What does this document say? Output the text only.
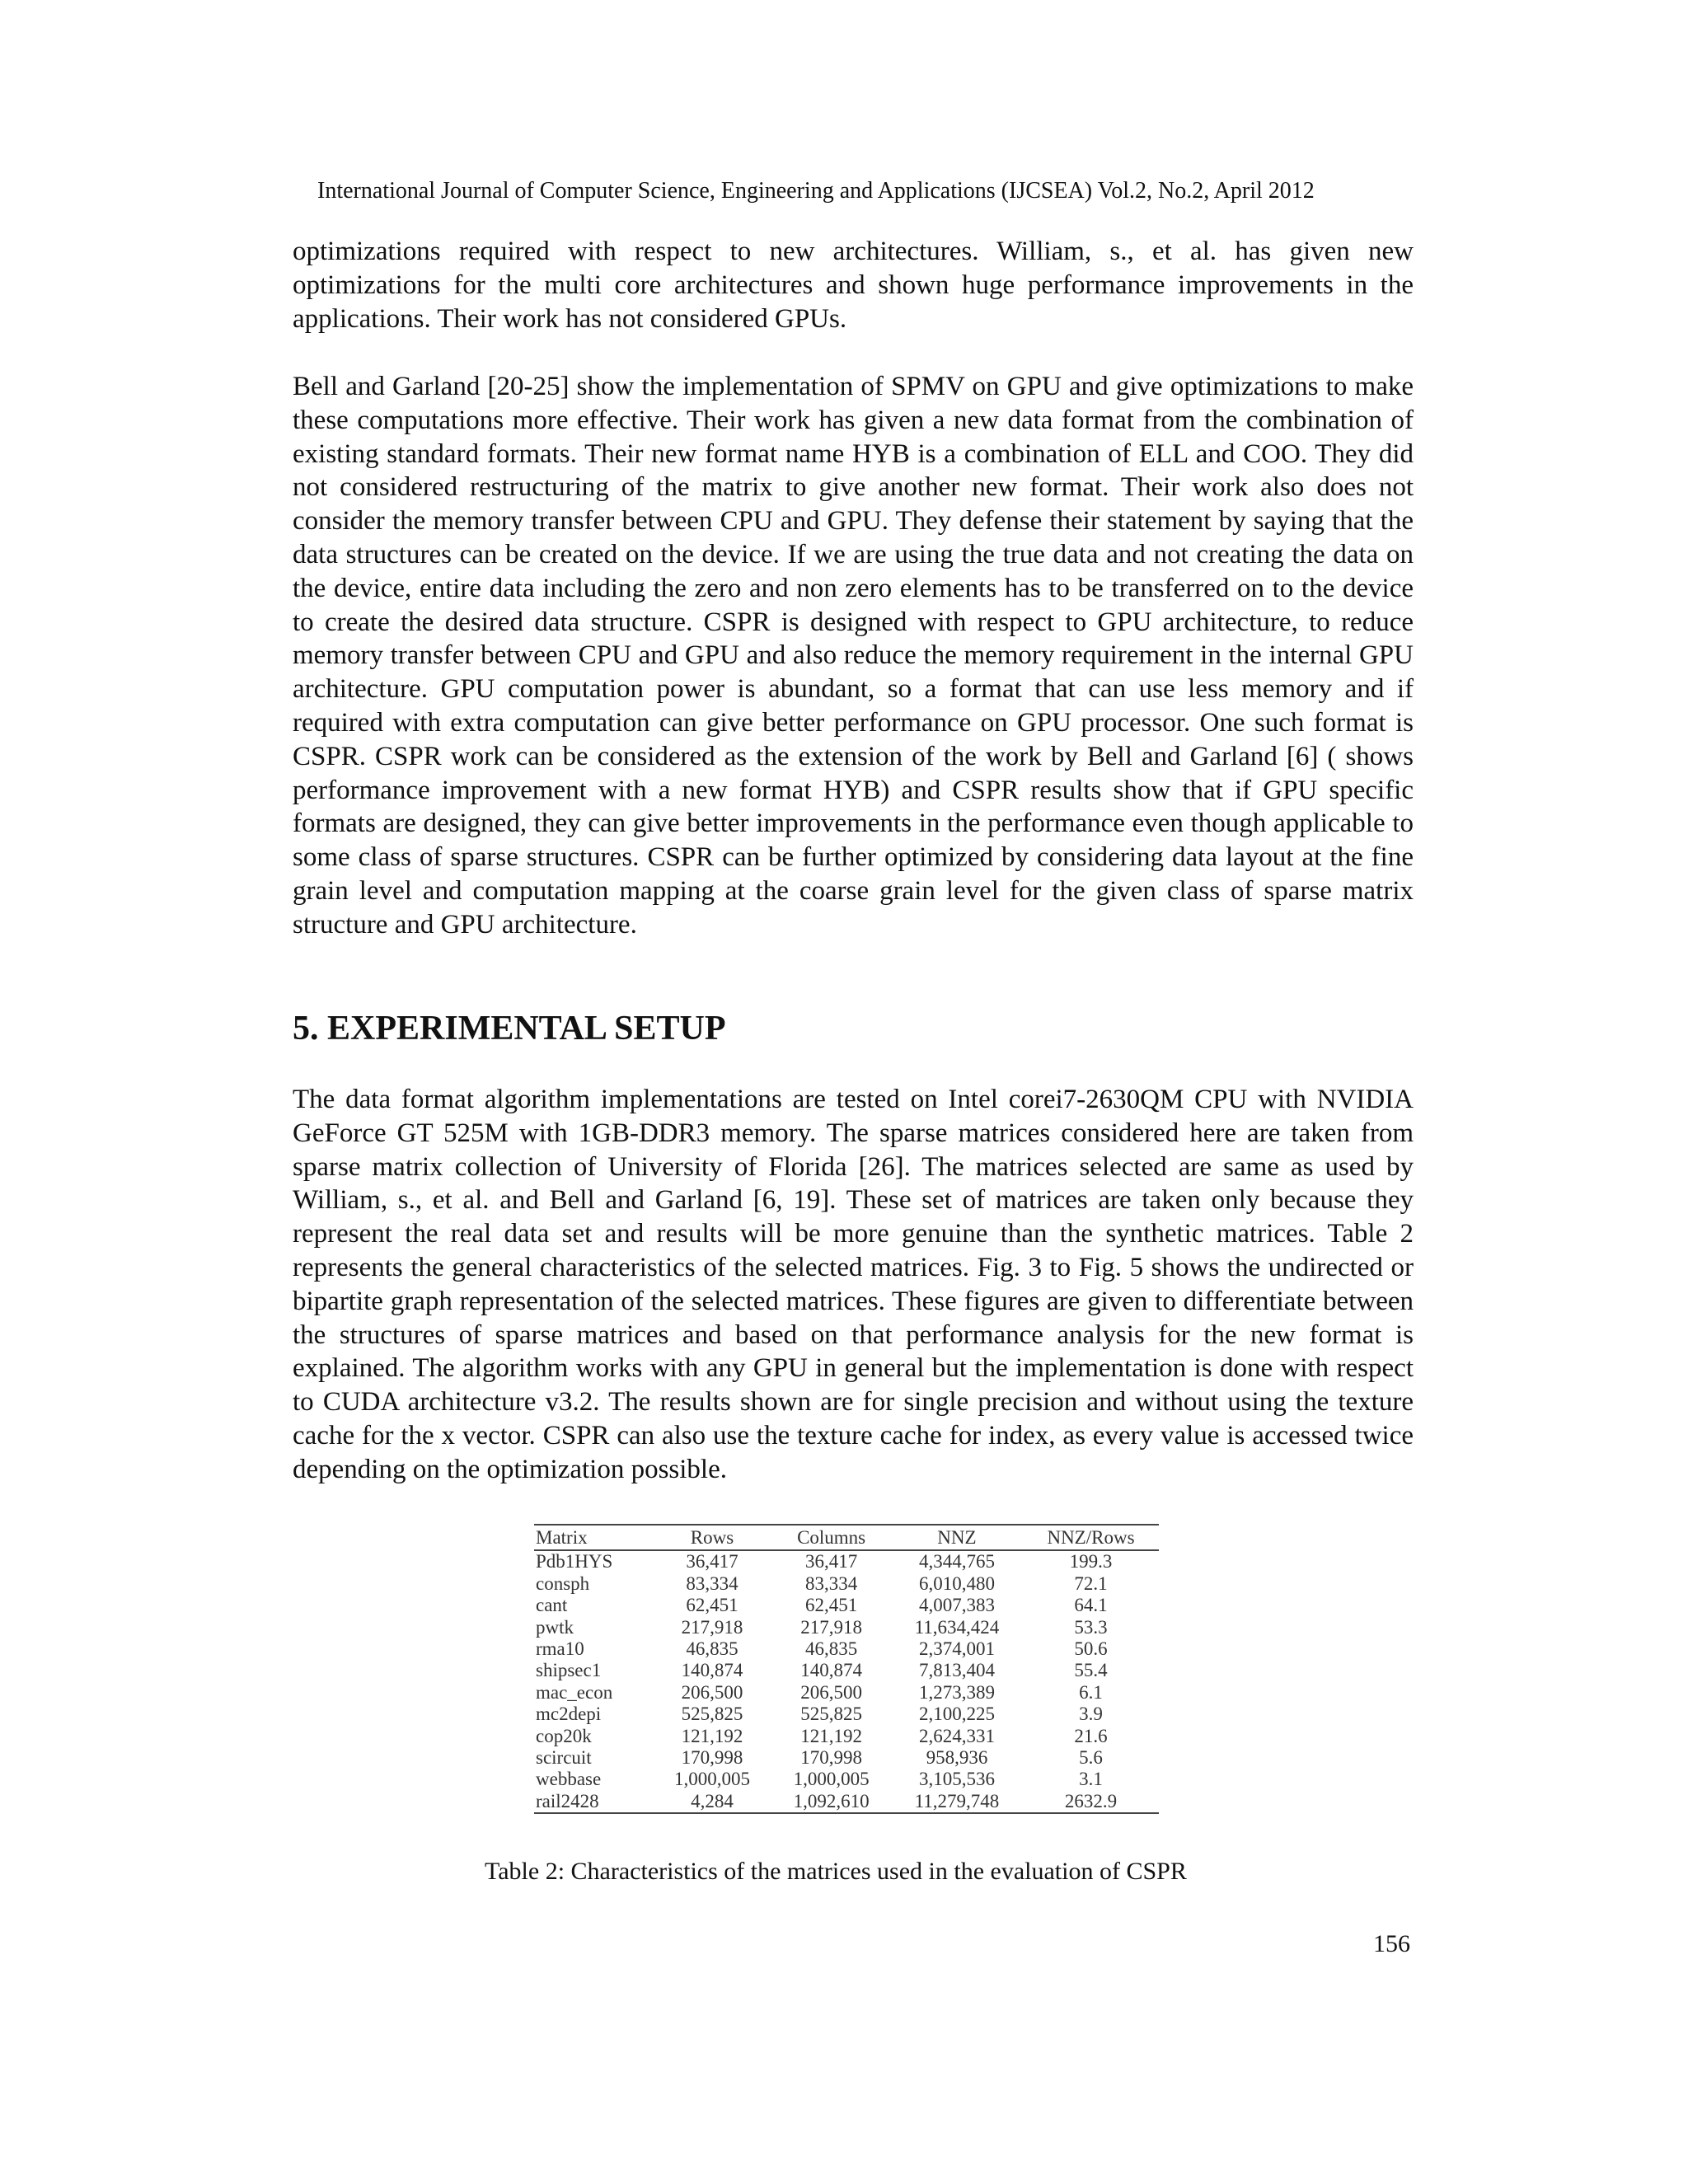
International Journal of Computer Science, Engineering and Applications (IJCSEA) Vol.2, No.2, April 2012

optimizations required with respect to new architectures. William, s., et al. has given new optimizations for the multi core architectures and shown huge performance improvements in the applications. Their work has not considered GPUs.

Bell and Garland [20-25] show the implementation of SPMV on GPU and give optimizations to make these computations more effective. Their work has given a new data format from the combination of existing standard formats. Their new format name HYB is a combination of ELL and COO. They did not considered restructuring of the matrix to give another new format. Their work also does not consider the memory transfer between CPU and GPU. They defense their statement by saying that the data structures can be created on the device. If we are using the true data and not creating the data on the device, entire data including the zero and non zero elements has to be transferred on to the device to create the desired data structure. CSPR is designed with respect to GPU architecture, to reduce memory transfer between CPU and GPU and also reduce the memory requirement in the internal GPU architecture. GPU computation power is abundant, so a format that can use less memory and if required with extra computation can give better performance on GPU processor. One such format is CSPR. CSPR work can be considered as the extension of the work by Bell and Garland [6] ( shows performance improvement with a new format HYB) and CSPR results show that if GPU specific formats are designed, they can give better improvements in the performance even though applicable to some class of sparse structures. CSPR can be further optimized by considering data layout at the fine grain level and computation mapping at the coarse grain level for the given class of sparse matrix structure and GPU architecture.

5. EXPERIMENTAL SETUP

The data format algorithm implementations are tested on Intel corei7-2630QM CPU with NVIDIA GeForce GT 525M with 1GB-DDR3 memory. The sparse matrices considered here are taken from sparse matrix collection of University of Florida [26]. The matrices selected are same as used by William, s., et al. and Bell and Garland [6, 19]. These set of matrices are taken only because they represent the real data set and results will be more genuine than the synthetic matrices. Table 2 represents the general characteristics of the selected matrices. Fig. 3 to Fig. 5 shows the undirected or bipartite graph representation of the selected matrices. These figures are given to differentiate between the structures of sparse matrices and based on that performance analysis for the new format is explained. The algorithm works with any GPU in general but the implementation is done with respect to CUDA architecture v3.2. The results shown are for single precision and without using the texture cache for the x vector. CSPR can also use the texture cache for index, as every value is accessed twice depending on the optimization possible.

Matrix	Rows	Columns	NNZ	NNZ/Rows
Pdb1HYS	36,417	36,417	4,344,765	199.3
consph	83,334	83,334	6,010,480	72.1
cant	62,451	62,451	4,007,383	64.1
pwtk	217,918	217,918	11,634,424	53.3
rma10	46,835	46,835	2,374,001	50.6
shipsec1	140,874	140,874	7,813,404	55.4
mac_econ	206,500	206,500	1,273,389	6.1
mc2depi	525,825	525,825	2,100,225	3.9
cop20k	121,192	121,192	2,624,331	21.6
scircuit	170,998	170,998	958,936	5.6
webbase	1,000,005	1,000,005	3,105,536	3.1
rail2428	4,284	1,092,610	11,279,748	2632.9
Table 2: Characteristics of the matrices used in the evaluation of CSPR
156
